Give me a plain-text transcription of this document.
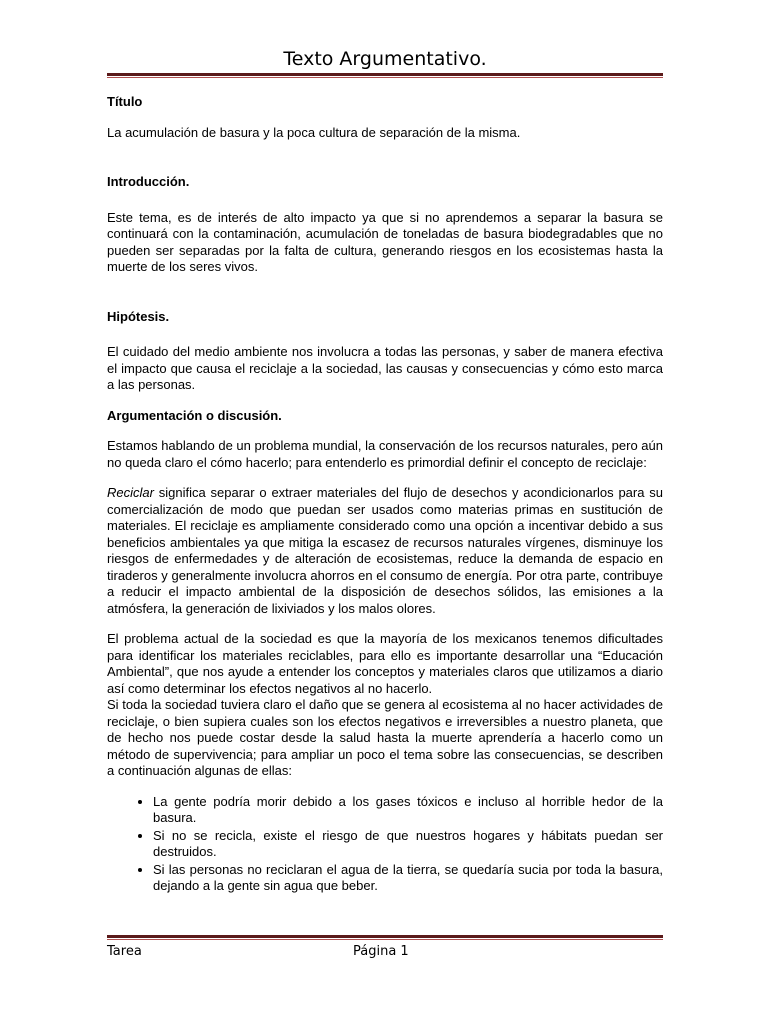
Texto Argumentativo.

Título

La acumulación de basura y la poca cultura de separación de la misma.

Introducción.

Este tema, es de interés de alto impacto ya que si no aprendemos a separar la basura se continuará con la contaminación, acumulación de toneladas de basura biodegradables que no pueden ser separadas por la falta de cultura, generando riesgos en los ecosistemas hasta la muerte de los seres vivos.

Hipótesis.

El cuidado del medio ambiente nos involucra a todas las personas, y saber de manera efectiva el impacto que causa el reciclaje a la sociedad, las causas y consecuencias y cómo esto marca a las personas.

Argumentación o discusión.

Estamos hablando de un problema mundial, la conservación de los recursos naturales, pero aún no queda claro el cómo hacerlo; para entenderlo es primordial definir el concepto de reciclaje:

Reciclar significa separar o extraer materiales del flujo de desechos y acondicionarlos para su comercialización de modo que puedan ser usados como materias primas en sustitución de materiales. El reciclaje es ampliamente considerado como una opción a incentivar debido a sus beneficios ambientales ya que mitiga la escasez de recursos naturales vírgenes, disminuye los riesgos de enfermedades y de alteración de ecosistemas, reduce la demanda de espacio en tiraderos y generalmente involucra ahorros en el consumo de energía. Por otra parte, contribuye a reducir el impacto ambiental de la disposición de desechos sólidos, las emisiones a la atmósfera, la generación de lixiviados y los malos olores.

El problema actual de la sociedad es que la mayoría de los mexicanos tenemos dificultades para identificar los materiales reciclables, para ello es importante desarrollar una “Educación Ambiental”, que nos ayude a entender los conceptos y materiales claros que utilizamos a diario así como determinar los efectos negativos al no hacerlo.

Si toda la sociedad tuviera claro el daño que se genera al ecosistema al no hacer actividades de reciclaje, o bien supiera cuales son los efectos negativos e irreversibles a nuestro planeta, que de hecho nos puede costar desde la salud hasta la muerte aprendería a hacerlo como un método de supervivencia; para ampliar un poco el tema sobre las consecuencias, se describen a continuación algunas de ellas:

• La gente podría morir debido a los gases tóxicos e incluso al horrible hedor de la basura.
• Si no se recicla, existe el riesgo de que nuestros hogares y hábitats puedan ser destruidos.
• Si las personas no reciclaran el agua de la tierra, se quedaría sucia por toda la basura, dejando a la gente sin agua que beber.
Tarea	Página 1
